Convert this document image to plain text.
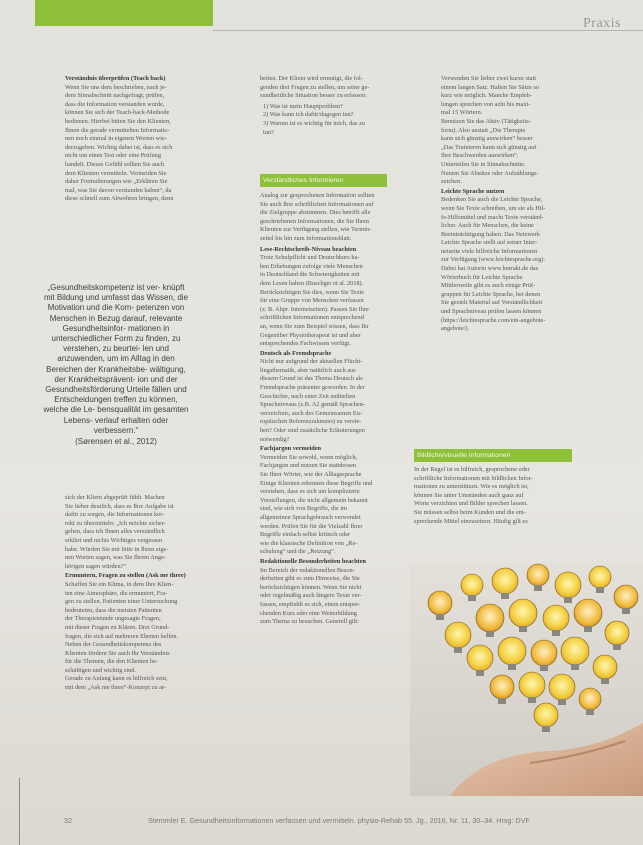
Praxis

Verständnis überprüfen (Teach back)

Wenn Sie uns dem beschrieben, nach je-
dem Sinnabschnitt nachgefragt, prüfen,
dass die Information verstanden wurde,
können Sie sich der Teach-back-Methode
bedienen. Hierbei bitten Sie den Klienten,
Ihnen die gerade vermittelten Informatio-
nen noch einmal in eigenen Worten wie-
derzugeben. Wichtig dabei ist, dass es sich
nicht um einen Test oder eine Prüfung
handelt. Dieses Gefühl sollten Sie auch
dem Klienten vermitteln. Vermeiden Sie
daher Formulierungen wie „Erklären Sie
mal, was Sie davon verstanden haben“, da
diese schnell zum Abwehren bringen, denn
„Gesundheitskompetenz ist ver- knüpft mit Bildung und umfasst das Wissen, die Motivation und die Kom- petenzen von Menschen in Bezug darauf, relevante Gesundheitsinfor- mationen in unterschiedlicher Form zu finden, zu verstehen, zu beurtei- len und anzuwenden, um im Alltag in den Bereichen der Krankheitsbe- wältigung, der Krankheitsprävent- ion und der Gesundheitsförderung Urteile fällen und Entscheidungen treffen zu können, welche die Le- bensqualität im gesamten Lebens- verlauf erhalten oder verbessern.“
(Sørensen et al., 2012)
sich der Klient abgeprüft fühlt. Machen
Sie lieber deutlich, dass es Ihre Aufgabe ist
dafür zu sorgen, die Informationen kor-
rekt zu übermitteln: „Ich möchte sicher-
gehen, dass ich Ihnen alles verständlich
erklärt und nichts Wichtiges vergessen
habe. Würden Sie mir bitte in Ihren eige-
nen Worten sagen, was Sie Ihrem Ange-
hörigen sagen würden?“

Ermuntern, Fragen zu stellen (Ask me three)

Schaffen Sie ein Klima, in dem Ihre Klien-
ten eine Atmosphäre, die ermuntert, Fra-
gen zu stellen. Patienten einer Untersuchung
bedeuteten, dass die meisten Patienten
der Therapiestunde ungesagte Fragen,
mit dieser Fragen zu Klären. Drei Grund-
fragen, die sich auf mehreren Ebenen helfen.
Neben der Gesundheitskompetenz des
Klienten fördern Sie auch Ihr Verständnis
für die Themen, die den Klienten be-
schäftigen und wichtig sind.
Gerade zu Anfang kann es hilfreich sein,
mit dem „Ask me three“-Konzept zu ar-
beiten. Der Klient wird ermutigt, die fol-
genden drei Fragen zu stellen, um seine ge-
sundheitliche Situation besser zu erfassen:
1) Was ist mein Hauptproblem?
2) Was kann ich dafür/dagegen tun?
3) Warum ist es wichtig für mich, das zu
tun?
Verständliches Informieren
Analog zur gesprochenen Information sollten
Sie auch Ihre schriftlichen Informationen auf
die Zielgruppe abstimmen. Dies betrifft alle
geschriebenen Informationen, die Sie Ihren
Klienten zur Verfügung stellen, wie Termin-
zettel bis hin zum Informationsblatt.

Lese-Rechtschreib-Niveau beachten

Trotz Schulpflicht und Deutschkurs ha-
ben Erhebungen zufolge viele Menschen
in Deutschland die Schwierigkeiten mit
dem Lesen haben (Buschger et al. 2018).
Berücksichtigen Sie dies, wenn Sie Texte
für eine Gruppe von Menschen verfassen
(z. B. Abpr. Internetseiten). Passen Sie Ihre
schriftlichen Informationen entsprechend
an, wenn Sie zum Beispiel wissen, dass Ihr
Gegenüber Physiotherapeut ist und aber
entsprechendes Fachwissen verfügt.

Deutsch als Fremdsprache

Nicht nur aufgrund der aktuellen Flücht-
lingsthematik, aber natürlich auch aus
diesem Grund ist das Thema Deutsch als
Fremdsprache präsenter geworden. In der
Geschichte, nach einer Zeit enthielten
Sprachniveaus (z.B. A2 gemäß Sprachen-
verzeichnis, auch des Gemeinsamen Eu-
ropäischen Referenzrahmens) zu verste-
hen? Oder sind zusätzliche Erläuterungen
notwendig?

Fachjargon vermeiden

Vermeiden Sie sowohl, wenn möglich,
Fachjargon und nutzen Sie stattdessen
Sie Ihrer Wörter, wie der Alltagssprache
Einige Klienten erkennen diese Begriffe und
verstehen, dass es sich um komplizierte
Vorstellungen, die nicht allgemein bekannt
sind, wie sich von Begriffe, die im
allgemeinen Sprachgebrauch verwendet
werden. Prüfen Sie für die Vielzahl Ihrer
Begriffe einfach selbst kritisch oder
wie die klassische Definition von „Re-
schulung“ und die „Reizung“.

Redaktionelle Besonderheiten beachten

Im Bereich der redaktionellen Beson-
derheiten gibt es zum Hinweise, die Sie
berücksichtigen können. Wenn Sie nicht
oder regelmäßig auch längere Texte ver-
fassen, empfiehlt es sich, einen entspre-
chenden Kurs oder eine Weiterbildung
zum Thema zu besuchen. Generell gilt:
Verwenden Sie lieber zwei kurze statt
einem langen Satz. Halten Sie Sätze so
kurz wie möglich. Manche Empfeh-
lungen sprechen von acht bis maxi-
mal 15 Wörtern.
Benutzen Sie das Aktiv (Tätigkeits-
form). Also anstatt „Die Therapie
kann sich günstig auswirken“ besser
„Das Trainieren kann sich günstig auf
Ihre Beschwerden auswirken“.
Unterteilen Sie in Sinnabschnitte.
Nutzen Sie Absätze oder Aufzählungs-
zeichen.

Leichte Sprache nutzen

Bedenken Sie auch die Leichte Sprache,
wenn Sie Texte schreiben, um sie als Hil-
fe-Hilfsmittel und macht Texte verständ-
licher. Auch für Menschen, die keine
Beeinträchtigung haben. Das Netzwerk
Leichte Sprache stellt auf seiner Inter-
netseite viele hilfreiche Informationen
zur Verfügung (www.leichtesprache.org).
Dabei hat Autorin www.hurraki.de das
Wörterbuch für Leichte Sprache.
Mittlerweile gibt es auch einige Prüf-
gruppen für Leichte Sprache, bei denen
Sie gezielt Material auf Verständlichkeit
und Sprachniveau prüfen lassen können
(https://leichtesprache.com/ein-angebote-
angebote/).
Bildliche/visuelle Informationen
In der Regel ist es hilfreich, gesprochene oder
schriftliche Informationen mit bildlichen Infor-
mationen zu unterstützen. Wie es möglich ist,
können Sie unter Umständen auch ganz auf
Worte verzichten und Bilder sprechen lassen.
Sie müssen selbst beim Kunden und die ent-
sprechende Mittel einzusetzen. Häufig gilt es
32	Stemmler E. Gesundheitsinformationen verfassen und vermitteln. physio-Rehab 55. Jg., 2016, Nr. 11, 30–34. Hrsg: DVF
